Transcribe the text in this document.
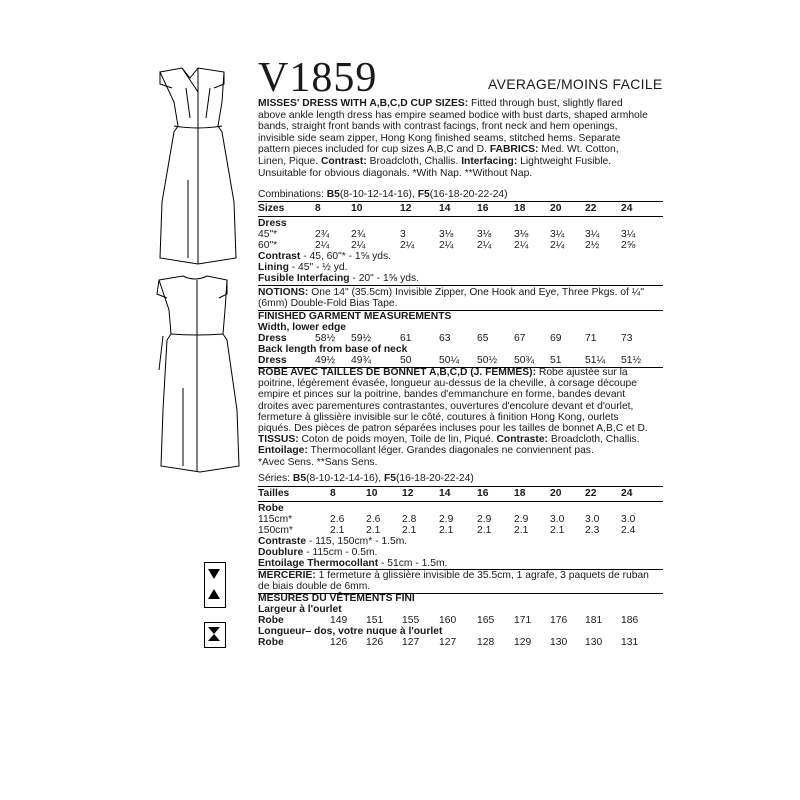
V1859	AVERAGE/MOINS FACILE
MISSES' DRESS WITH A,B,C,D CUP SIZES: Fitted through bust, slightly flared
above ankle length dress has empire seamed bodice with bust darts, shaped armhole
bands, straight front bands with contrast facings, front neck and hem openings,
invisible side seam zipper, Hong Kong finished seams, stitched hems. Separate
pattern pieces included for cup sizes A,B,C and D. FABRICS: Med. Wt. Cotton,
Linen, Pique. Contrast: Broadcloth, Challis. Interfacing: Lightweight Fusible.
Unsuitable for obvious diagonals. *With Nap. **Without Nap.
Combinations: B5(8-10-12-14-16), F5(16-18-20-22-24)
Sizes	8	10	12	14	16 18 20 22 24
Dress
45"*	2¾ 2¾	3	3⅛ 3⅛ 3⅛ 3¼ 3¼ 3¼
60"*	2¼ 2¼	2¼ 2¼ 2¼ 2¼ 2¼ 2½ 2⅝
Contrast - 45, 60"* - 1⅝ yds.
Lining - 45" - ½ yd.
Fusible Interfacing - 20" - 1⅝ yds.
NOTIONS: One 14" (35.5cm) Invisible Zipper, One Hook and Eye, Three Pkgs. of ¼"
(6mm) Double-Fold Bias Tape.
FINISHED GARMENT MEASUREMENTS
Width, lower edge
Dress	58½ 59½	61	63	65 67 69 71 73
Back length from base of neck
Dress	49½ 49¾	50	50¼ 50½ 50¾ 51 51¼ 51½
ROBE AVEC TAILLES DE BONNET A,B,C,D (J. FEMMES): Robe ajustée sur la
poitrine, légèrement évasée, longueur au-dessus de la cheville, à corsage découpe
empire et pinces sur la poitrine, bandes d'emmanchure en forme, bandes devant
droites avec parementures contrastantes, ouvertures d'encolure devant et d'ourlet,
fermeture à glissière invisible sur le côté, coutures à finition Hong Kong, ourlets
piqués. Des pièces de patron séparées incluses pour les tailles de bonnet A,B,C et D.
TISSUS: Coton de poids moyen, Toile de lin, Piqué. Contraste: Broadcloth, Challis.
Entoilage: Thermocollant léger. Grandes diagonales ne conviennent pas.
*Avec Sens. **Sans Sens.
Séries: B5(8-10-12-14-16), F5(16-18-20-22-24)
Tailles	8	10 12 14	16 18 20 22 24
Robe
115cm*	2.6 2.6 2.8 2.9 2.9 2.9 3.0 3.0 3.0
150cm*	2.1 2.1 2.1 2.1 2.1 2.1 2.1 2.3 2.4
Contraste - 115, 150cm* - 1.5m.
Doublure - 115cm - 0.5m.
Entoilage Thermocollant - 51cm - 1.5m.
MERCERIE: 1 fermeture à glissière invisible de 35.5cm, 1 agrafe, 3 paquets de ruban
de biais double de 6mm.
MESURES DU VÊTEMENTS FINI
Largeur à l'ourlet
Robe	149 151 155 160 165 171 176 181 186
Longueur– dos, votre nuque à l'ourlet
Robe	126 126 127 127 128 129 130 130 131
